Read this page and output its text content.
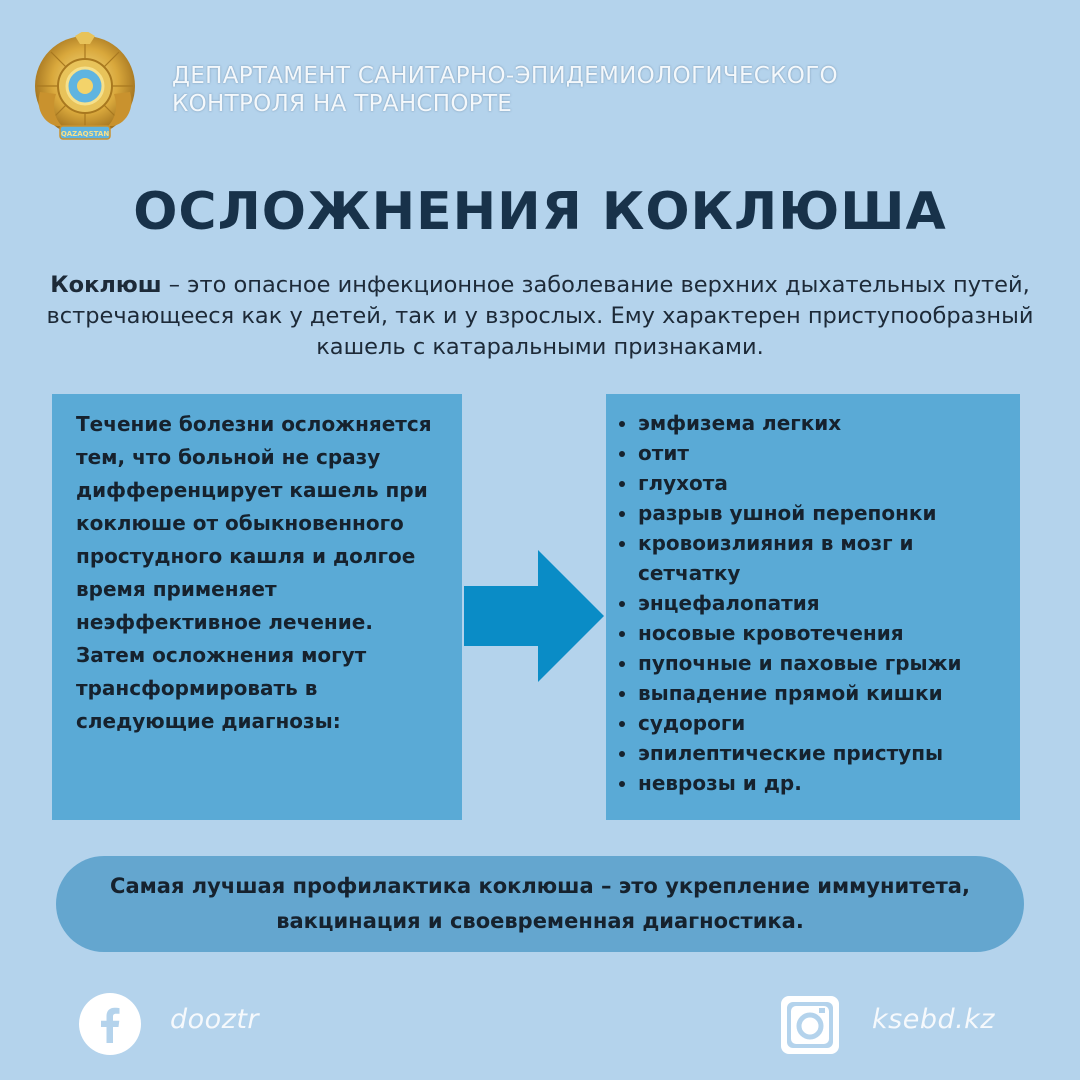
QAZAQSTAN
ДЕПАРТАМЕНТ САНИТАРНО-ЭПИДЕМИОЛОГИЧЕСКОГО
КОНТРОЛЯ НА ТРАНСПОРТЕ
ОСЛОЖНЕНИЯ КОКЛЮША
Коклюш – это опасное инфекционное заболевание верхних дыхательных путей, встречающееся как у детей, так и у взрослых. Ему характерен приступообразный кашель с катаральными признаками.

Течение болезни осложняется тем, что больной не сразу дифференцирует кашель при коклюше от обыкновенного простудного кашля и долгое время применяет неэффективное лечение. Затем осложнения могут трансформировать в следующие диагнозы:

• эмфизема легких
• отит
• глухота
• разрыв ушной перепонки
• кровоизлияния в мозг и сетчатку
• энцефалопатия
• носовые кровотечения
• пупочные и паховые грыжи
• выпадение прямой кишки
• судороги
• эпилептические приступы
• неврозы и др.

Самая лучшая профилактика коклюша – это укрепление иммунитета, вакцинация и своевременная диагностика.

dooztr	ksebd.kz
